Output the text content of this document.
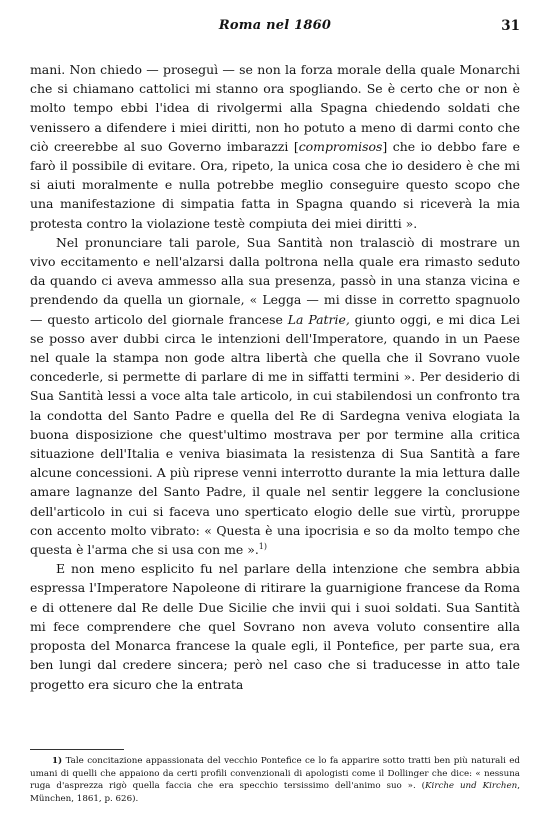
Roma nel 1860	31

mani. Non chiedo — proseguì — se non la forza morale della quale Monarchi che si chiamano cattolici mi stanno ora spogliando. Se è certo che or non è molto tempo ebbi l'idea di rivolgermi alla Spagna chiedendo soldati che venissero a difendere i miei diritti, non ho potuto a meno di darmi conto che ciò creerebbe al suo Governo imbarazzi [compromisos] che io debbo fare e farò il possibile di evitare. Ora, ripeto, la unica cosa che io desidero è che mi si aiuti moralmente e nulla potrebbe meglio conseguire questo scopo che una manifestazione di simpatia fatta in Spagna quando si riceverà la mia protesta contro la violazione testè compiuta dei miei diritti ».

Nel pronunciare tali parole, Sua Santità non tralasciò di mostrare un vivo eccitamento e nell'alzarsi dalla poltrona nella quale era rimasto seduto da quando ci aveva ammesso alla sua presenza, passò in una stanza vicina e prendendo da quella un giornale, « Legga — mi disse in corretto spagnuolo — questo articolo del giornale francese La Patrie, giunto oggi, e mi dica Lei se posso aver dubbi circa le intenzioni dell'Imperatore, quando in un Paese nel quale la stampa non gode altra libertà che quella che il Sovrano vuole concederle, si permette di parlare di me in siffatti termini ». Per desiderio di Sua Santità lessi a voce alta tale articolo, in cui stabilendosi un confronto tra la condotta del Santo Padre e quella del Re di Sardegna veniva elogiata la buona disposizione che quest'ultimo mostrava per por termine alla critica situazione dell'Italia e veniva biasimata la resistenza di Sua Santità a fare alcune concessioni. A più riprese venni interrotto durante la mia lettura dalle amare lagnanze del Santo Padre, il quale nel sentir leggere la conclusione dell'articolo in cui si faceva uno sperticato elogio delle sue virtù, proruppe con accento molto vibrato: « Questa è una ipocrisia e so da molto tempo che questa è l'arma che si usa con me ».$^{1)}$

E non meno esplicito fu nel parlare della intenzione che sembra abbia espressa l'Imperatore Napoleone di ritirare la guarnigione francese da Roma e di ottenere dal Re delle Due Sicilie che invii qui i suoi soldati. Sua Santità mi fece comprendere che quel Sovrano non aveva voluto consentire alla proposta del Monarca francese la quale egli, il Pontefice, per parte sua, era ben lungi dal credere sincera; però nel caso che si traducesse in atto tale progetto era sicuro che la entrata

1) Tale concitazione appassionata del vecchio Pontefice ce lo fa apparire sotto tratti ben più naturali ed umani di quelli che appaiono da certi profili convenzionali di apologisti come il Dollinger che dice: « nessuna ruga d'asprezza rigò quella faccia che era specchio tersissimo dell'animo suo ». (Kirche und Kirchen, München, 1861, p. 626).
